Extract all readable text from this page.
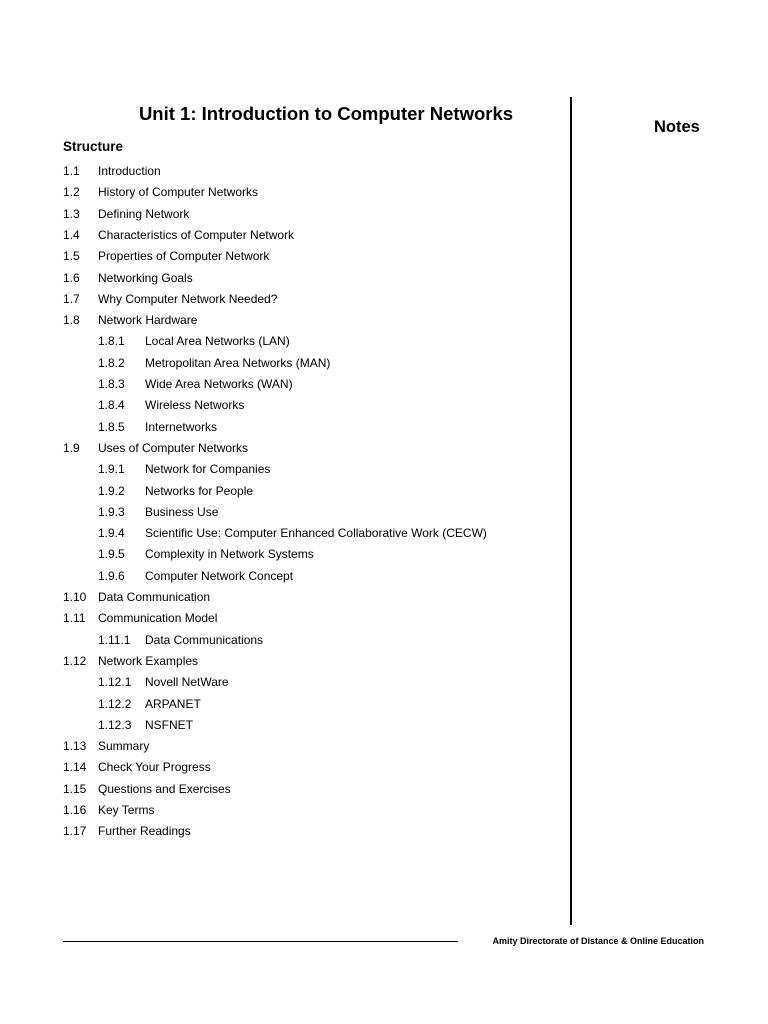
Unit 1: Introduction to Computer Networks
Notes
Structure
1.1 Introduction
1.2 History of Computer Networks
1.3 Defining Network
1.4 Characteristics of Computer Network
1.5 Properties of Computer Network
1.6 Networking Goals
1.7 Why Computer Network Needed?
1.8 Network Hardware
1.8.1 Local Area Networks (LAN)
1.8.2 Metropolitan Area Networks (MAN)
1.8.3 Wide Area Networks (WAN)
1.8.4 Wireless Networks
1.8.5 Internetworks
1.9 Uses of Computer Networks
1.9.1 Network for Companies
1.9.2 Networks for People
1.9.3 Business Use
1.9.4 Scientific Use: Computer Enhanced Collaborative Work (CECW)
1.9.5 Complexity in Network Systems
1.9.6 Computer Network Concept
1.10 Data Communication
1.11 Communication Model
1.11.1 Data Communications
1.12 Network Examples
1.12.1 Novell NetWare
1.12.2 ARPANET
1.12.3 NSFNET
1.13 Summary
1.14 Check Your Progress
1.15 Questions and Exercises
1.16 Key Terms
1.17 Further Readings
Amity Directorate of Distance & Online Education
